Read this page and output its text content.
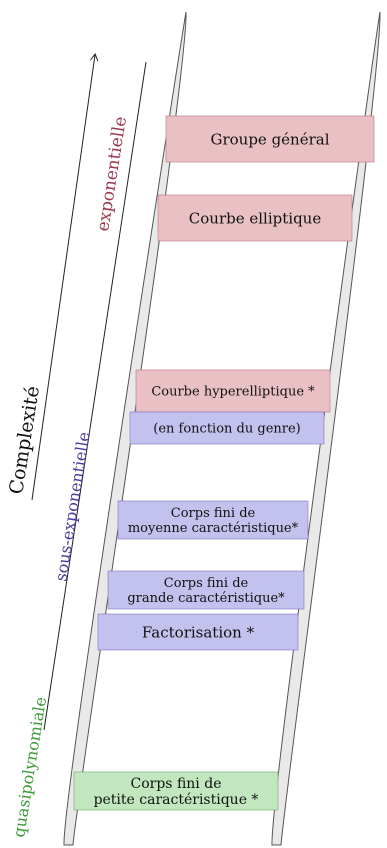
Groupe général
Courbe elliptique
Courbe hyperelliptique *
(en fonction du genre)
Corps fini de
moyenne caractéristique*
Corps fini de
grande caractéristique*
Factorisation *
Corps fini de
petite caractéristique *
Complexité
exponentielle
sous-exponentielle
quasipolynomiale
